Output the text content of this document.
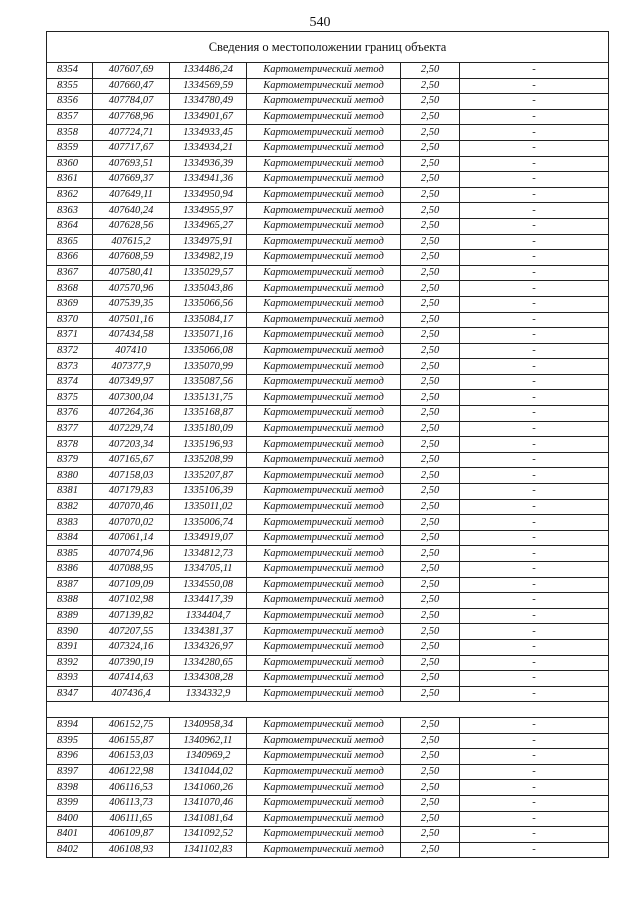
540
Сведения о местоположении границ объекта					
8354	407607,69	1334486,24	Картометрический метод	2,50	-
8355	407660,47	1334569,59	Картометрический метод	2,50	-
8356	407784,07	1334780,49	Картометрический метод	2,50	-
8357	407768,96	1334901,67	Картометрический метод	2,50	-
8358	407724,71	1334933,45	Картометрический метод	2,50	-
8359	407717,67	1334934,21	Картометрический метод	2,50	-
8360	407693,51	1334936,39	Картометрический метод	2,50	-
8361	407669,37	1334941,36	Картометрический метод	2,50	-
8362	407649,11	1334950,94	Картометрический метод	2,50	-
8363	407640,24	1334955,97	Картометрический метод	2,50	-
8364	407628,56	1334965,27	Картометрический метод	2,50	-
8365	407615,2	1334975,91	Картометрический метод	2,50	-
8366	407608,59	1334982,19	Картометрический метод	2,50	-
8367	407580,41	1335029,57	Картометрический метод	2,50	-
8368	407570,96	1335043,86	Картометрический метод	2,50	-
8369	407539,35	1335066,56	Картометрический метод	2,50	-
8370	407501,16	1335084,17	Картометрический метод	2,50	-
8371	407434,58	1335071,16	Картометрический метод	2,50	-
8372	407410	1335066,08	Картометрический метод	2,50	-
8373	407377,9	1335070,99	Картометрический метод	2,50	-
8374	407349,97	1335087,56	Картометрический метод	2,50	-
8375	407300,04	1335131,75	Картометрический метод	2,50	-
8376	407264,36	1335168,87	Картометрический метод	2,50	-
8377	407229,74	1335180,09	Картометрический метод	2,50	-
8378	407203,34	1335196,93	Картометрический метод	2,50	-
8379	407165,67	1335208,99	Картометрический метод	2,50	-
8380	407158,03	1335207,87	Картометрический метод	2,50	-
8381	407179,83	1335106,39	Картометрический метод	2,50	-
8382	407070,46	1335011,02	Картометрический метод	2,50	-
8383	407070,02	1335006,74	Картометрический метод	2,50	-
8384	407061,14	1334919,07	Картометрический метод	2,50	-
8385	407074,96	1334812,73	Картометрический метод	2,50	-
8386	407088,95	1334705,11	Картометрический метод	2,50	-
8387	407109,09	1334550,08	Картометрический метод	2,50	-
8388	407102,98	1334417,39	Картометрический метод	2,50	-
8389	407139,82	1334404,7	Картометрический метод	2,50	-
8390	407207,55	1334381,37	Картометрический метод	2,50	-
8391	407324,16	1334326,97	Картометрический метод	2,50	-
8392	407390,19	1334280,65	Картометрический метод	2,50	-
8393	407414,63	1334308,28	Картометрический метод	2,50	-
8347	407436,4	1334332,9	Картометрический метод	2,50	-

8394	406152,75	1340958,34	Картометрический метод	2,50	-
8395	406155,87	1340962,11	Картометрический метод	2,50	-
8396	406153,03	1340969,2	Картометрический метод	2,50	-
8397	406122,98	1341044,02	Картометрический метод	2,50	-
8398	406116,53	1341060,26	Картометрический метод	2,50	-
8399	406113,73	1341070,46	Картометрический метод	2,50	-
8400	406111,65	1341081,64	Картометрический метод	2,50	-
8401	406109,87	1341092,52	Картометрический метод	2,50	-
8402	406108,93	1341102,83	Картометрический метод	2,50	-
